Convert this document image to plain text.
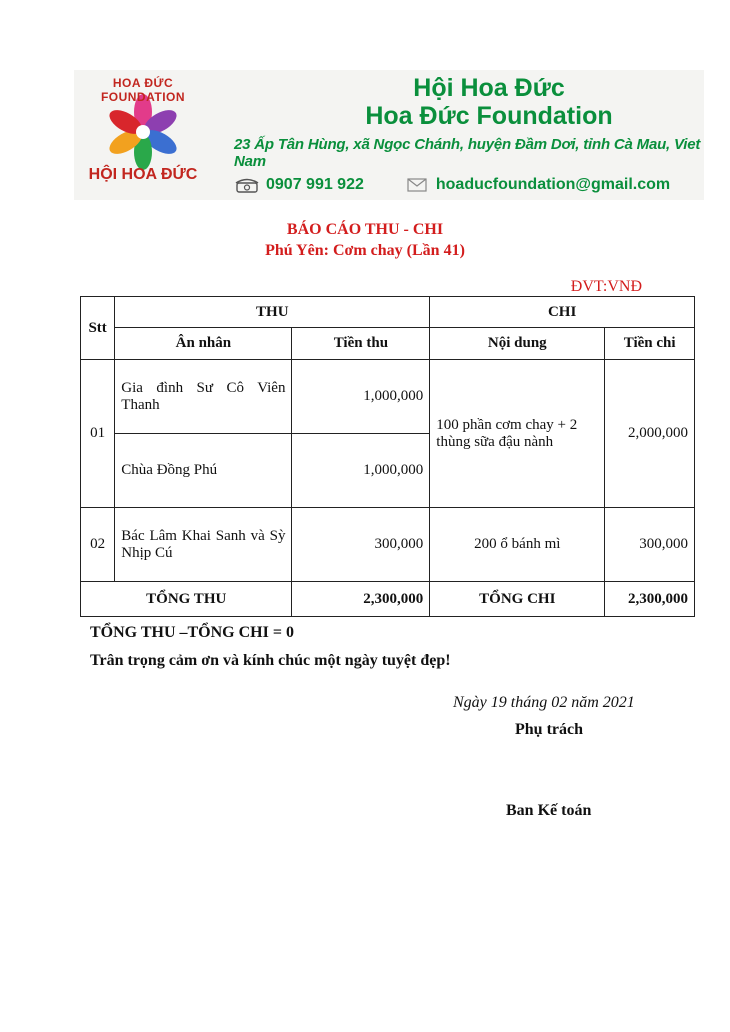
HOA ĐỨC FOUNDATION
HỘI HOA ĐỨC
Hội Hoa Đức
Hoa Đức Foundation
23 Ấp Tân Hùng, xã Ngọc Chánh, huyện Đầm Dơi, tỉnh Cà Mau, Viet Nam
0907 991 922	hoaducfoundation@gmail.com
BÁO CÁO THU - CHI
Phú Yên: Cơm chay (Lần 41)
ĐVT:VNĐ
Stt	THU		CHI	
	Ân nhân	Tiền thu	Nội dung	Tiền chi
01	Gia đình Sư Cô Viên Thanh	1,000,000	100 phần cơm chay + 2 thùng sữa đậu nành	2,000,000
	Chùa Đồng Phú	1,000,000		
02	Bác Lâm Khai Sanh và Sỳ Nhịp Cú	300,000	200 ổ bánh mì	300,000
TỔNG THU		2,300,000	TỔNG CHI	2,300,000
TỔNG THU –TỔNG CHI = 0
Trân trọng cảm ơn và kính chúc một ngày tuyệt đẹp!
Ngày 19 tháng 02 năm 2021
Phụ trách
Ban Kế toán
